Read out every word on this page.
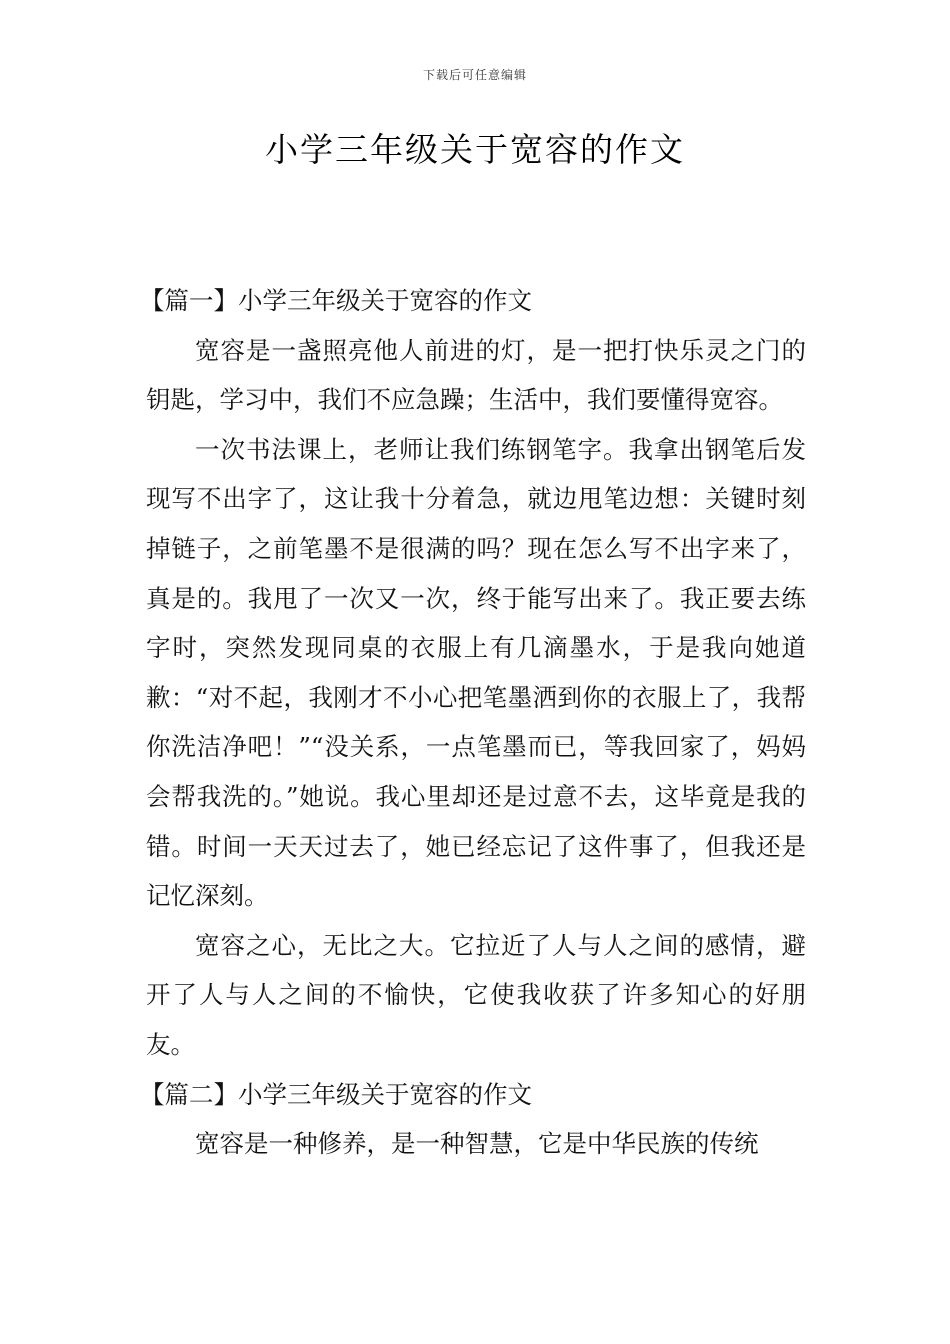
下载后可任意编辑
小学三年级关于宽容的作文
【篇一】小学三年级关于宽容的作文

宽容是一盏照亮他人前进的灯，是一把打快乐灵之门的钥匙，学习中，我们不应急躁；生活中，我们要懂得宽容。

一次书法课上，老师让我们练钢笔字。我拿出钢笔后发现写不出字了，这让我十分着急，就边甩笔边想：关键时刻掉链子，之前笔墨不是很满的吗？现在怎么写不出字来了，真是的。我甩了一次又一次，终于能写出来了。我正要去练字时，突然发现同桌的衣服上有几滴墨水，于是我向她道歉：“对不起，我刚才不小心把笔墨洒到你的衣服上了，我帮你洗洁净吧！”“没关系，一点笔墨而已，等我回家了，妈妈会帮我洗的。”她说。我心里却还是过意不去，这毕竟是我的错。时间一天天过去了，她已经忘记了这件事了，但我还是记忆深刻。

宽容之心，无比之大。它拉近了人与人之间的感情，避开了人与人之间的不愉快，它使我收获了许多知心的好朋友。

【篇二】小学三年级关于宽容的作文

宽容是一种修养，是一种智慧，它是中华民族的传统
